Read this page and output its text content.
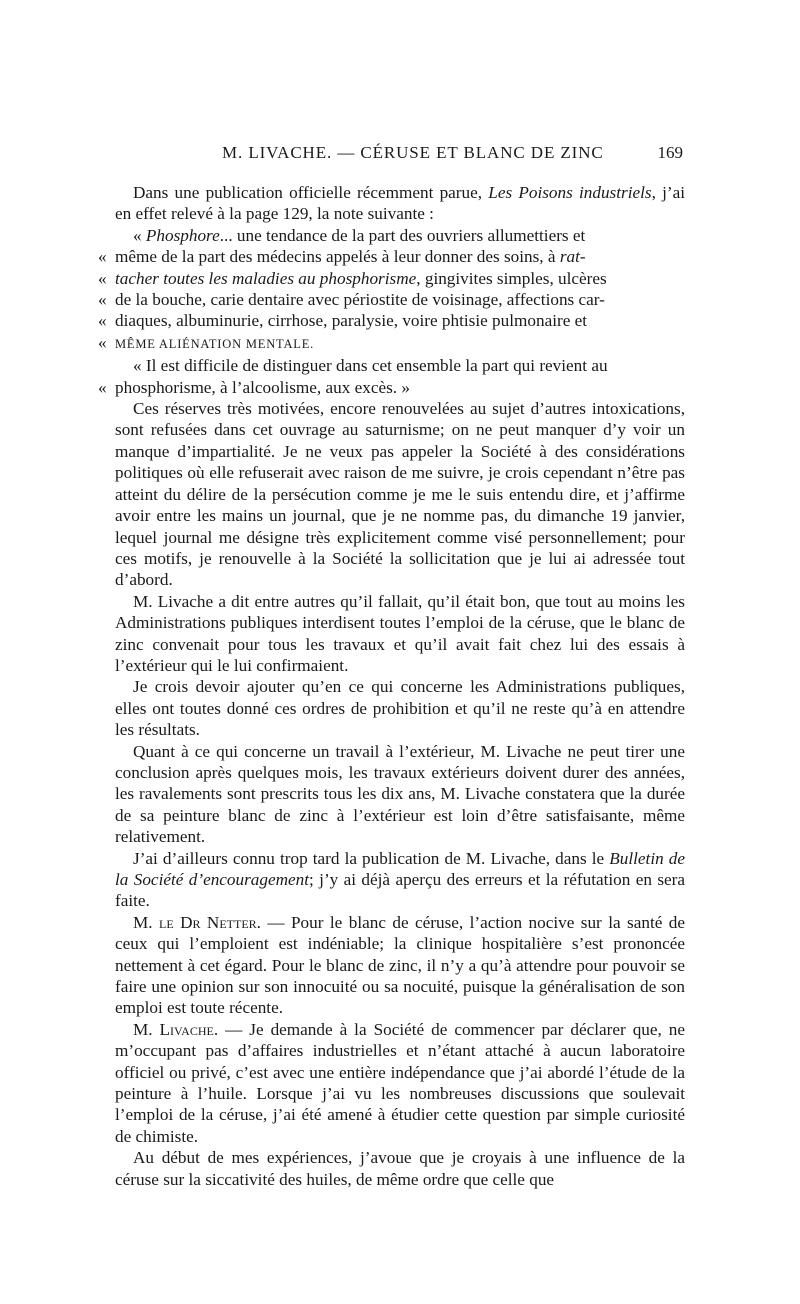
M. LIVACHE. — CÉRUSE ET BLANC DE ZINC	169

Dans une publication officielle récemment parue, Les Poisons industriels, j’ai en effet relevé à la page 129, la note suivante :

« Phosphore... une tendance de la part des ouvriers allumettiers et

« même de la part des médecins appelés à leur donner des soins, à rat-

« tacher toutes les maladies au phosphorisme, gingivites simples, ulcères

« de la bouche, carie dentaire avec périostite de voisinage, affections car-

« diaques, albuminurie, cirrhose, paralysie, voire phtisie pulmonaire et

« MÊME ALIÉNATION MENTALE.

« Il est difficile de distinguer dans cet ensemble la part qui revient au

« phosphorisme, à l’alcoolisme, aux excès. »

Ces réserves très motivées, encore renouvelées au sujet d’autres intoxications, sont refusées dans cet ouvrage au saturnisme; on ne peut manquer d’y voir un manque d’impartialité. Je ne veux pas appeler la Société à des considérations politiques où elle refuserait avec raison de me suivre, je crois cependant n’être pas atteint du délire de la persécution comme je me le suis entendu dire, et j’affirme avoir entre les mains un journal, que je ne nomme pas, du dimanche 19 janvier, lequel journal me désigne très explicitement comme visé personnellement; pour ces motifs, je renouvelle à la Société la sollicitation que je lui ai adressée tout d’abord.

M. Livache a dit entre autres qu’il fallait, qu’il était bon, que tout au moins les Administrations publiques interdisent toutes l’emploi de la céruse, que le blanc de zinc convenait pour tous les travaux et qu’il avait fait chez lui des essais à l’extérieur qui le lui confirmaient.

Je crois devoir ajouter qu’en ce qui concerne les Administrations publiques, elles ont toutes donné ces ordres de prohibition et qu’il ne reste qu’à en attendre les résultats.

Quant à ce qui concerne un travail à l’extérieur, M. Livache ne peut tirer une conclusion après quelques mois, les travaux extérieurs doivent durer des années, les ravalements sont prescrits tous les dix ans, M. Livache constatera que la durée de sa peinture blanc de zinc à l’extérieur est loin d’être satisfaisante, même relativement.

J’ai d’ailleurs connu trop tard la publication de M. Livache, dans le Bulletin de la Société d’encouragement; j’y ai déjà aperçu des erreurs et la réfutation en sera faite.

M. le Dr Netter. — Pour le blanc de céruse, l’action nocive sur la santé de ceux qui l’emploient est indéniable; la clinique hospitalière s’est prononcée nettement à cet égard. Pour le blanc de zinc, il n’y a qu’à attendre pour pouvoir se faire une opinion sur son innocuité ou sa nocuité, puisque la généralisation de son emploi est toute récente.

M. Livache. — Je demande à la Société de commencer par déclarer que, ne m’occupant pas d’affaires industrielles et n’étant attaché à aucun laboratoire officiel ou privé, c’est avec une entière indépendance que j’ai abordé l’étude de la peinture à l’huile. Lorsque j’ai vu les nombreuses discussions que soulevait l’emploi de la céruse, j’ai été amené à étudier cette question par simple curiosité de chimiste.

Au début de mes expériences, j’avoue que je croyais à une influence de la céruse sur la siccativité des huiles, de même ordre que celle que
